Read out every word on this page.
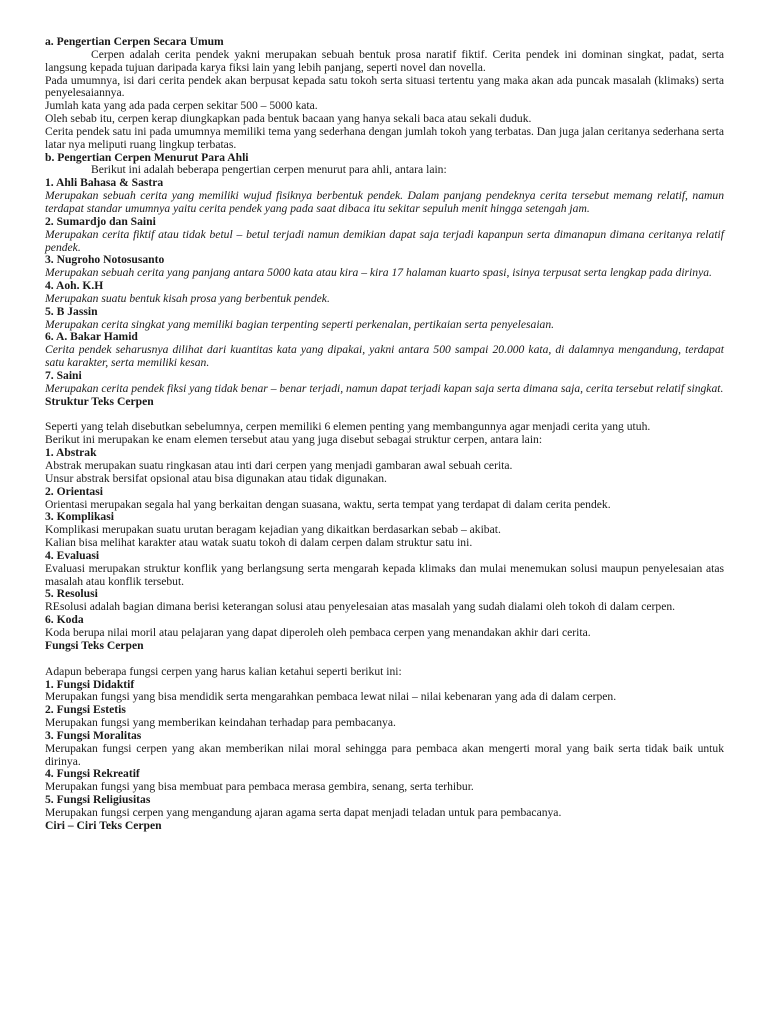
a. Pengertian Cerpen Secara Umum

Cerpen adalah cerita pendek yakni merupakan sebuah bentuk prosa naratif fiktif. Cerita pendek ini dominan singkat, padat, serta langsung kepada tujuan daripada karya fiksi lain yang lebih panjang, seperti novel dan novella.

Pada umumnya, isi dari cerita pendek akan berpusat kepada satu tokoh serta situasi tertentu yang maka akan ada puncak masalah (klimaks) serta penyelesaiannya.

Jumlah kata yang ada pada cerpen sekitar 500 – 5000 kata.

Oleh sebab itu, cerpen kerap diungkapkan pada bentuk bacaan yang hanya sekali baca atau sekali duduk.

Cerita pendek satu ini pada umumnya memiliki tema yang sederhana dengan jumlah tokoh yang terbatas. Dan juga jalan ceritanya sederhana serta latar nya meliputi ruang lingkup terbatas.

b. Pengertian Cerpen Menurut Para Ahli

Berikut ini adalah beberapa pengertian cerpen menurut para ahli, antara lain:

1. Ahli Bahasa & Sastra

Merupakan sebuah cerita yang memiliki wujud fisiknya berbentuk pendek. Dalam panjang pendeknya cerita tersebut memang relatif, namun terdapat standar umumnya yaitu cerita pendek yang pada saat dibaca itu sekitar sepuluh menit hingga setengah jam.

2. Sumardjo dan Saini

Merupakan cerita fiktif atau tidak betul – betul terjadi namun demikian dapat saja terjadi kapanpun serta dimanapun dimana ceritanya relatif pendek.

3. Nugroho Notosusanto

Merupakan sebuah cerita yang panjang antara 5000 kata atau kira – kira 17 halaman kuarto spasi, isinya terpusat serta lengkap pada dirinya.

4. Aoh. K.H

Merupakan suatu bentuk kisah prosa yang berbentuk pendek.

5. B Jassin

Merupakan cerita singkat yang memiliki bagian terpenting seperti perkenalan, pertikaian serta penyelesaian.

6. A. Bakar Hamid

Cerita pendek seharusnya dilihat dari kuantitas kata yang dipakai, yakni antara 500 sampai 20.000 kata, di dalamnya mengandung, terdapat satu karakter, serta memiliki kesan.

7. Saini

Merupakan cerita pendek fiksi yang tidak benar – benar terjadi, namun dapat terjadi kapan saja serta dimana saja, cerita tersebut relatif singkat.

Struktur Teks Cerpen

Seperti yang telah disebutkan sebelumnya, cerpen memiliki 6 elemen penting yang membangunnya agar menjadi cerita yang utuh.

Berikut ini merupakan ke enam elemen tersebut atau yang juga disebut sebagai struktur cerpen, antara lain:

1. Abstrak

Abstrak merupakan suatu ringkasan atau inti dari cerpen yang menjadi gambaran awal sebuah cerita.

Unsur abstrak bersifat opsional atau bisa digunakan atau tidak digunakan.

2. Orientasi

Orientasi merupakan segala hal yang berkaitan dengan suasana, waktu, serta tempat yang terdapat di dalam cerita pendek.

3. Komplikasi

Komplikasi merupakan suatu urutan beragam kejadian yang dikaitkan berdasarkan sebab – akibat.

Kalian bisa melihat karakter atau watak suatu tokoh di dalam cerpen dalam struktur satu ini.

4. Evaluasi

Evaluasi merupakan struktur konflik yang berlangsung serta mengarah kepada klimaks dan mulai menemukan solusi maupun penyelesaian atas masalah atau konflik tersebut.

5. Resolusi

REsolusi adalah bagian dimana berisi keterangan solusi atau penyelesaian atas masalah yang sudah dialami oleh tokoh di dalam cerpen.

6. Koda

Koda berupa nilai moril atau pelajaran yang dapat diperoleh oleh pembaca cerpen yang menandakan akhir dari cerita.

Fungsi Teks Cerpen

Adapun beberapa fungsi cerpen yang harus kalian ketahui seperti berikut ini:

1. Fungsi Didaktif

Merupakan fungsi yang bisa mendidik serta mengarahkan pembaca lewat nilai – nilai kebenaran yang ada di dalam cerpen.

2. Fungsi Estetis

Merupakan fungsi yang memberikan keindahan terhadap para pembacanya.

3. Fungsi Moralitas

Merupakan fungsi cerpen yang akan memberikan nilai moral sehingga para pembaca akan mengerti moral yang baik serta tidak baik untuk dirinya.

4. Fungsi Rekreatif

Merupakan fungsi yang bisa membuat para pembaca merasa gembira, senang, serta terhibur.

5. Fungsi Religiusitas

Merupakan fungsi cerpen yang mengandung ajaran agama serta dapat menjadi teladan untuk para pembacanya.

Ciri – Ciri Teks Cerpen
